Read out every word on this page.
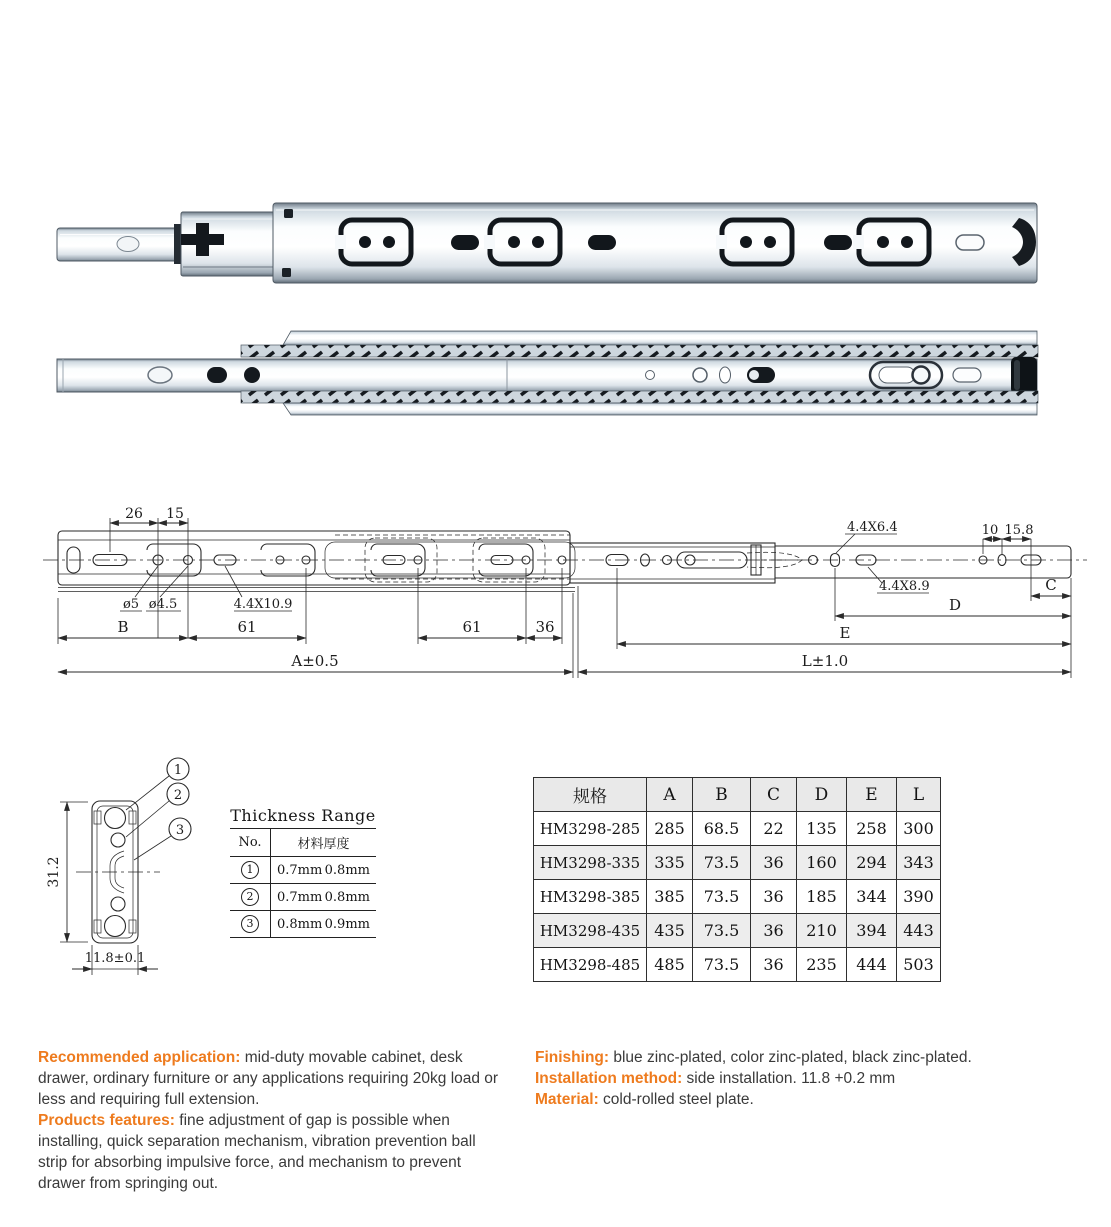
26 15
ø5 ø4.5	4.4X10.9
B	61	61	36
A±0.5	L±1.0
4.4X6.4	10 15.8
4.4X8.9	C
D
E
31.2
11.8±0.1
1
2
3
Thickness Range
No.	材料厚度
1	0.7mm 0.8mm

2	0.7mm 0.8mm

3	0.8mm 0.9mm
规格	A	B	C	D	E	L
HM3298-285	285	68.5	22	135	258	300
HM3298-335	335	73.5	36	160	294	343
HM3298-385	385	73.5	36	185	344	390
HM3298-435	435	73.5	36	210	394	443
HM3298-485	485	73.5	36	235	444	503

Recommended application: mid-duty movable cabinet, desk drawer, ordinary furniture or any applications requiring 20kg load or less and requiring full extension.

Products features: fine adjustment of gap is possible when installing, quick separation mechanism, vibration prevention ball strip for absorbing impulsive force, and mechanism to prevent drawer from springing out.

Finishing: blue zinc-plated, color zinc-plated, black zinc-plated.

Installation method: side installation. 11.8 +0.2 mm

Material: cold-rolled steel plate.
